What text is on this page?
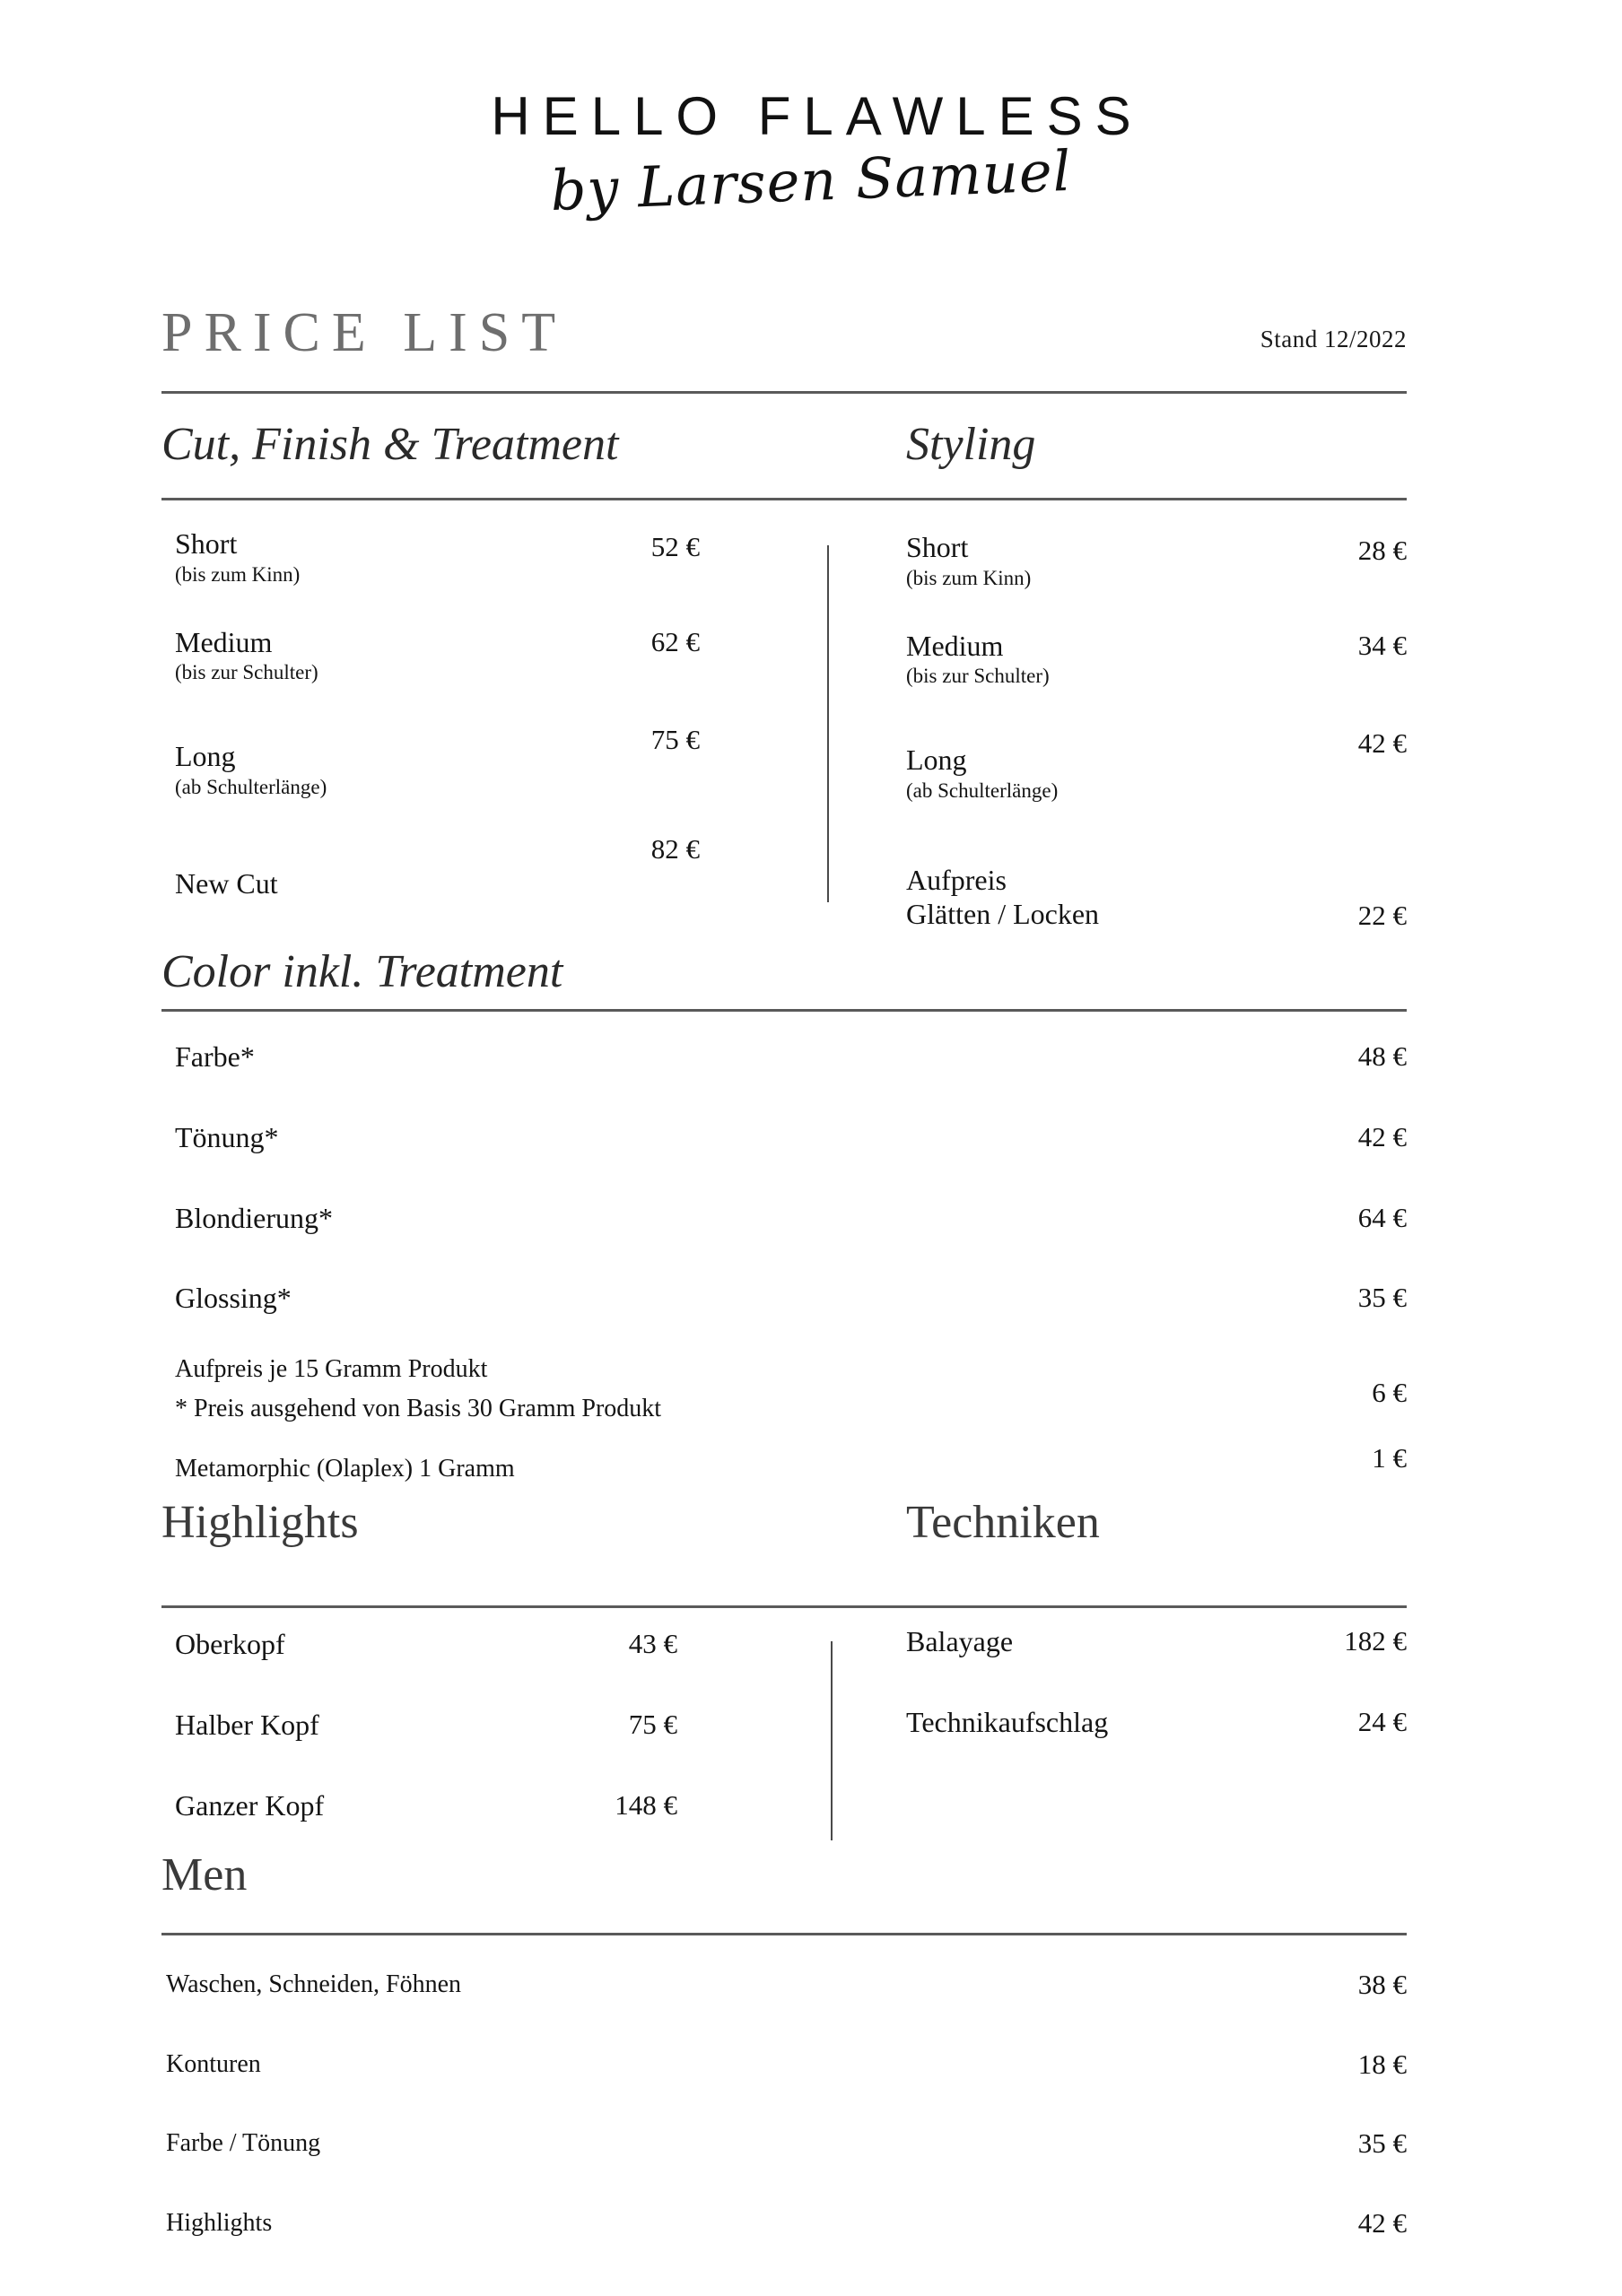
HELLO FLAWLESS
by Larsen Samuel
PRICE LIST	Stand 12/2022
Cut, Finish & Treatment	Styling
Short
(bis zum Kinn)
52 €
Medium
(bis zur Schulter)
62 €
Long
(ab Schulterlänge)
75 €
New Cut
82 €
Short
(bis zum Kinn)
28 €
Medium
(bis zur Schulter)
34 €
Long
(ab Schulterlänge)
42 €
Aufpreis
Glätten / Locken	22 €
Color inkl. Treatment
Farbe*	48 €
Tönung*	42 €
Blondierung*	64 €
Glossing*	35 €
Aufpreis je 15 Gramm Produkt
* Preis ausgehend von Basis 30 Gramm Produkt
6 €
Metamorphic (Olaplex) 1 Gramm	1 €
Highlights	Techniken
Oberkopf	43 €
Halber Kopf	75 €
Ganzer Kopf	148 €
Balayage	182 €
Technikaufschlag	24 €
Men
Waschen, Schneiden, Föhnen	38 €
Konturen	18 €
Farbe / Tönung	35 €
Highlights	42 €
